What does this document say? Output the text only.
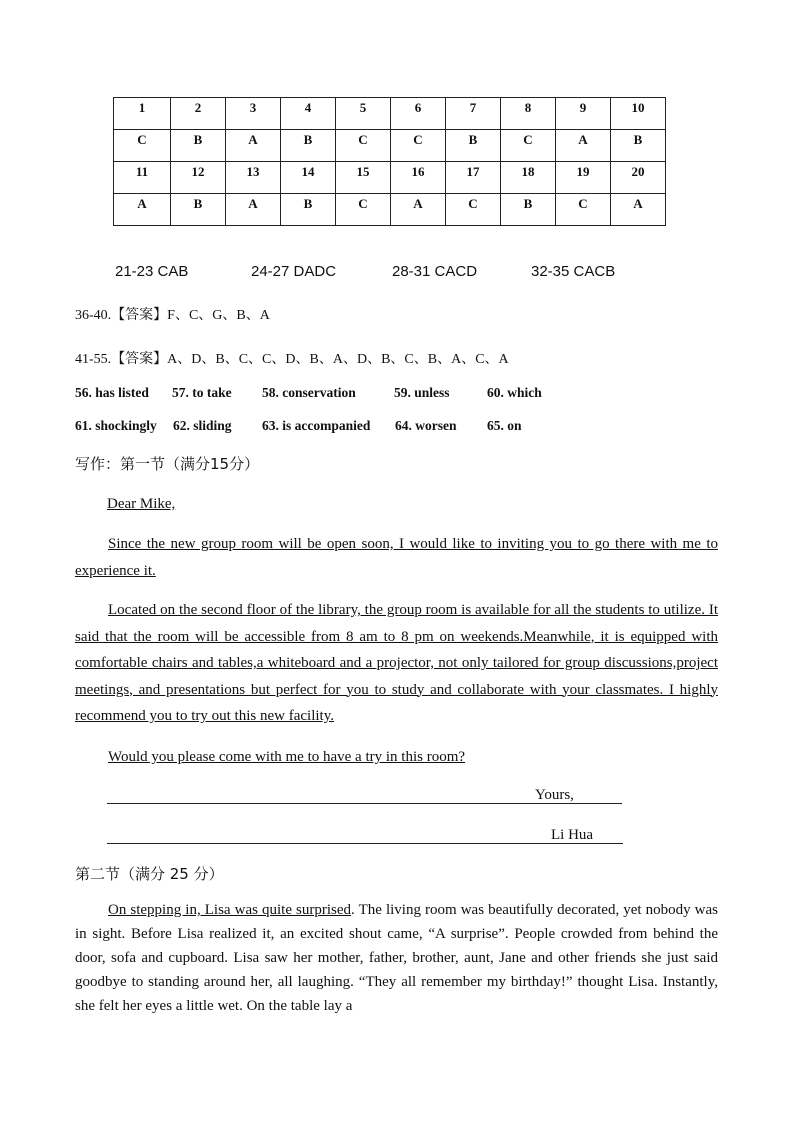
1	2	3	4	5	6	7	8	9	10
C	B	A	B	C	C	B	C	A	B
11	12	13	14	15	16	17	18	19	20
A	B	A	B	C	A	C	B	C	A
21-23 CAB	24-27 DADC	28-31 CACD	32-35 CACB
36-40.【答案】F、C、G、B、A
41-55.【答案】A、D、B、C、C、D、B、A、D、B、C、B、A、C、A
56. has listed 57. to take 58. conservation	59. unless	60. which
61. shockingly 62. sliding 63. is accompanied 64. worsen 65. on
写作：第一节（满分15分）
Dear Mike,
Since the new group room will be open soon, I would like to inviting you to go there with me to experience it.
Located on the second floor of the library, the group room is available for all the students to utilize. It said that the room will be accessible from 8 am to 8 pm on weekends.Meanwhile, it is equipped with comfortable chairs and tables,a whiteboard and a projector, not only tailored for group discussions,project meetings, and presentations but perfect for you to study and collaborate with your classmates. I highly recommend you to try out this new facility.
Would you please come with me to have a try in this room?
Yours,
Li Hua
第二节（满分 25 分）
On stepping in, Lisa was quite surprised. The living room was beautifully decorated, yet nobody was in sight. Before Lisa realized it, an excited shout came, “A surprise”. People crowded from behind the door, sofa and cupboard. Lisa saw her mother, father, brother, aunt, Jane and other friends she just said goodbye to standing around her, all laughing. “They all remember my birthday!” thought Lisa. Instantly, she felt her eyes a little wet. On the table lay a
